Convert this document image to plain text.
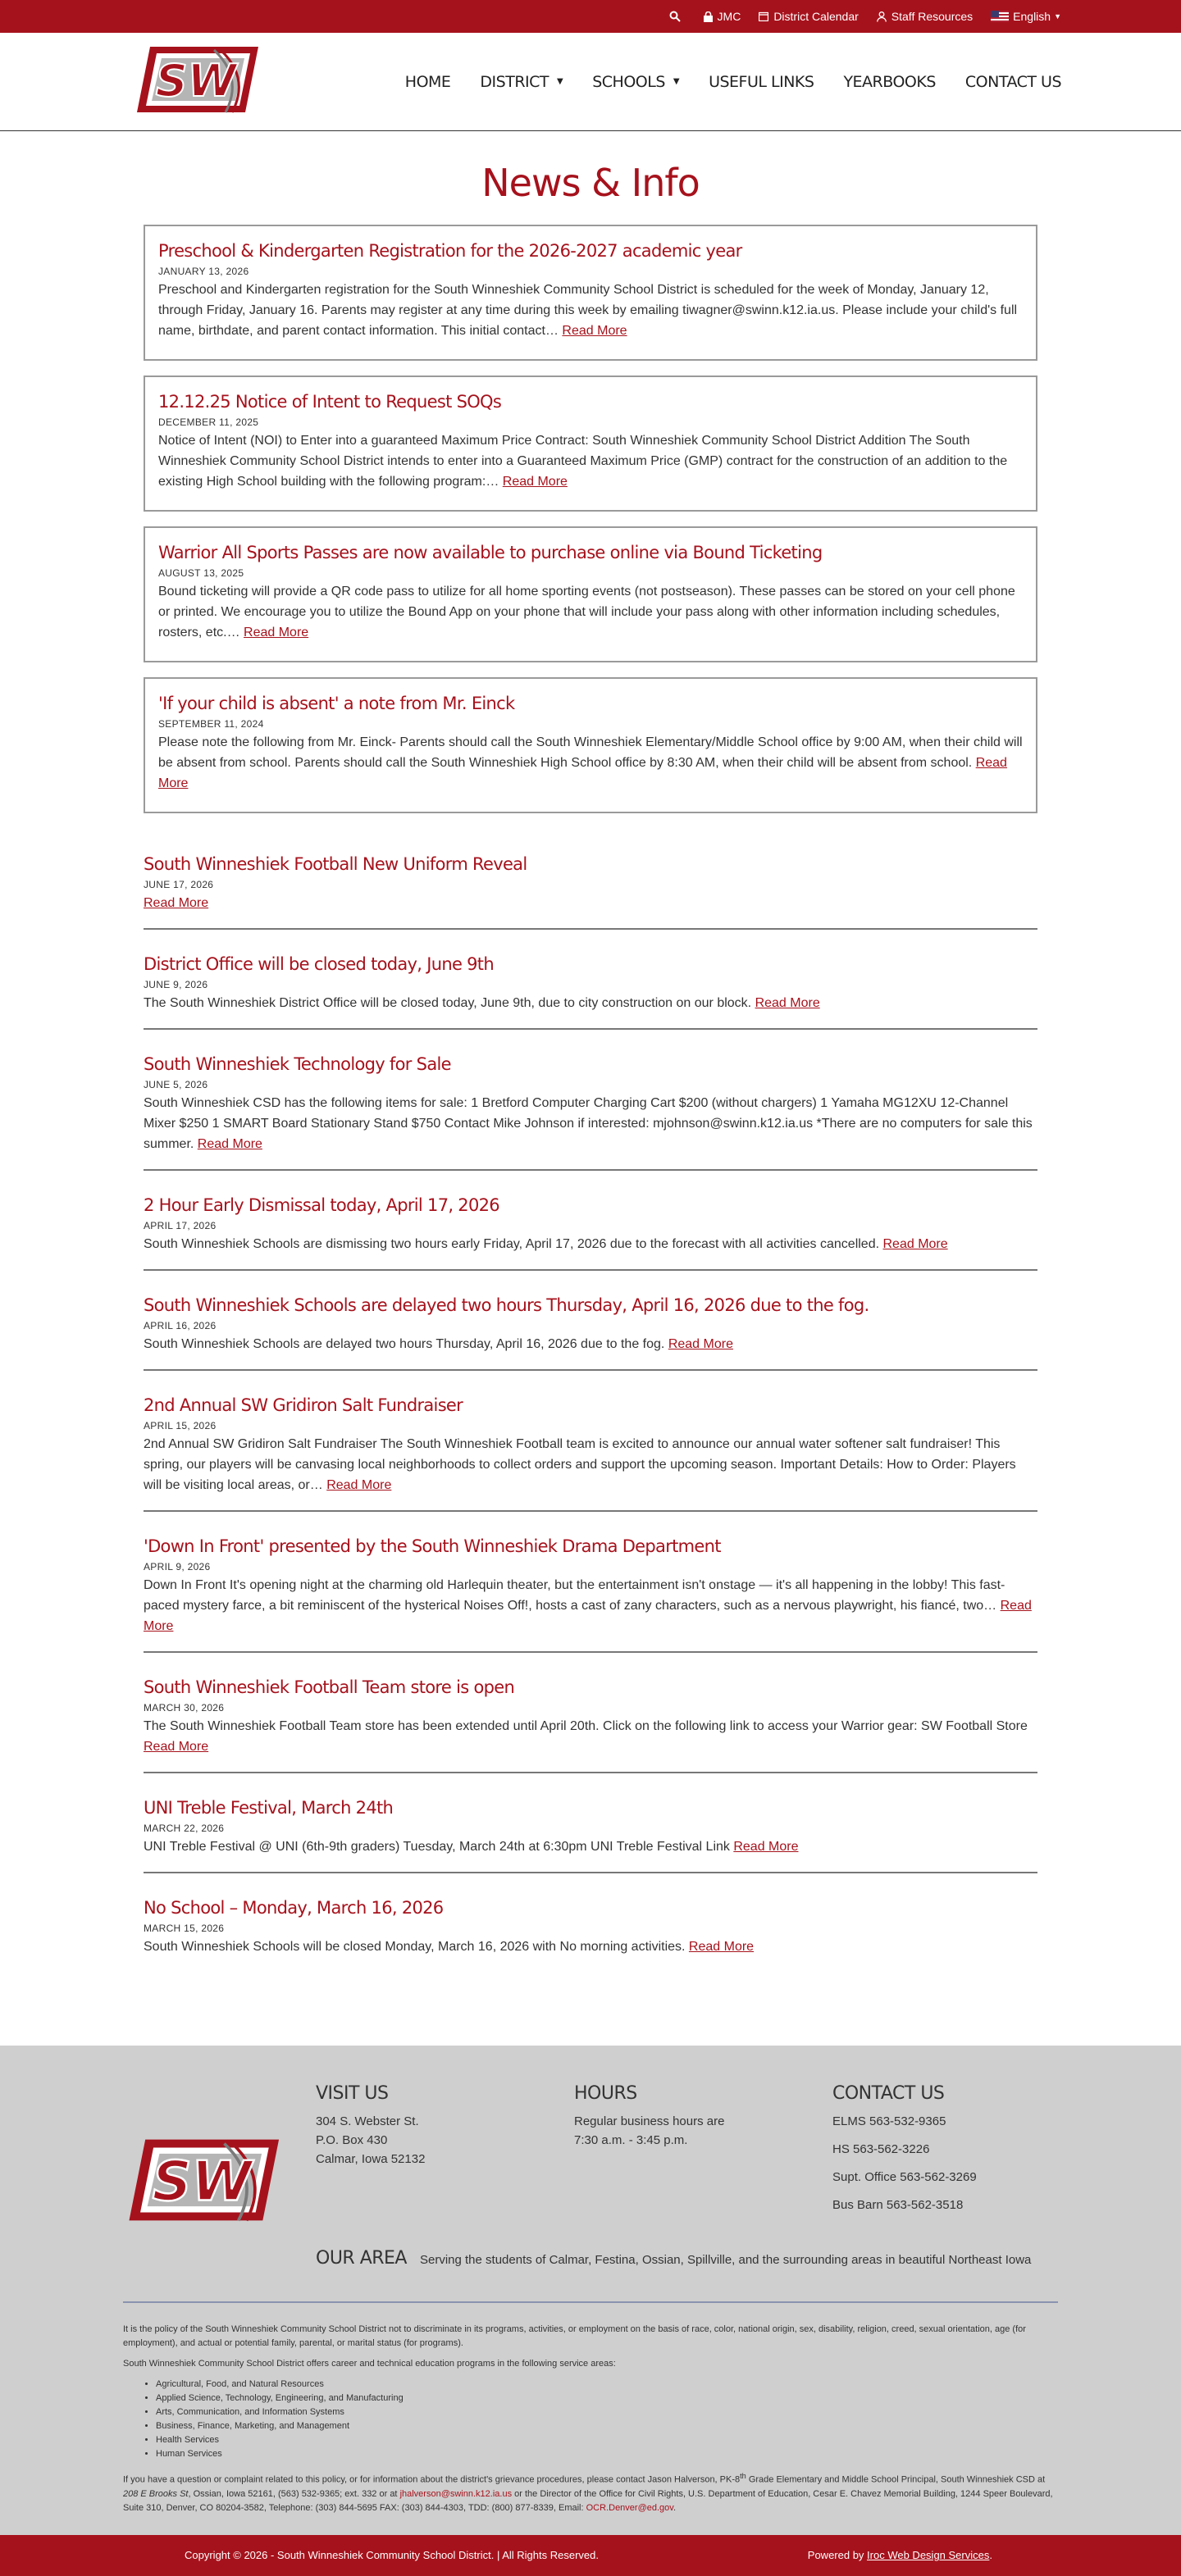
JMC	District Calendar	Staff Resources	English ▼
SW	HOME DISTRICT ▼ SCHOOLS ▼ USEFUL LINKS YEARBOOKS CONTACT US
News & Info
Preschool & Kindergarten Registration for the 2026-2027 academic year
JANUARY 13, 2026

Preschool and Kindergarten registration for the South Winneshiek Community School District is scheduled for the week of Monday, January 12, through Friday, January 16. Parents may register at any time during this week by emailing tiwagner@swinn.k12.ia.us. Please include your child's full name, birthdate, and parent contact information. This initial contact… Read More

12.12.25 Notice of Intent to Request SOQs
DECEMBER 11, 2025

Notice of Intent (NOI) to Enter into a guaranteed Maximum Price Contract: South Winneshiek Community School District Addition The South Winneshiek Community School District intends to enter into a Guaranteed Maximum Price (GMP) contract for the construction of an addition to the existing High School building with the following program:… Read More

Warrior All Sports Passes are now available to purchase online via Bound Ticketing
AUGUST 13, 2025

Bound ticketing will provide a QR code pass to utilize for all home sporting events (not postseason). These passes can be stored on your cell phone or printed. We encourage you to utilize the Bound App on your phone that will include your pass along with other information including schedules, rosters, etc.… Read More

'If your child is absent' a note from Mr. Einck
SEPTEMBER 11, 2024

Please note the following from Mr. Einck- Parents should call the South Winneshiek Elementary/Middle School office by 9:00 AM, when their child will be absent from school. Parents should call the South Winneshiek High School office by 8:30 AM, when their child will be absent from school. Read More

South Winneshiek Football New Uniform Reveal
JUNE 17, 2026

Read More

District Office will be closed today, June 9th
JUNE 9, 2026

The South Winneshiek District Office will be closed today, June 9th, due to city construction on our block. Read More

South Winneshiek Technology for Sale
JUNE 5, 2026

South Winneshiek CSD has the following items for sale: 1 Bretford Computer Charging Cart $200 (without chargers) 1 Yamaha MG12XU 12-Channel Mixer $250 1 SMART Board Stationary Stand $750 Contact Mike Johnson if interested: mjohnson@swinn.k12.ia.us *There are no computers for sale this summer. Read More

2 Hour Early Dismissal today, April 17, 2026
APRIL 17, 2026

South Winneshiek Schools are dismissing two hours early Friday, April 17, 2026 due to the forecast with all activities cancelled. Read More

South Winneshiek Schools are delayed two hours Thursday, April 16, 2026 due to the fog.
APRIL 16, 2026

South Winneshiek Schools are delayed two hours Thursday, April 16, 2026 due to the fog. Read More

2nd Annual SW Gridiron Salt Fundraiser
APRIL 15, 2026

2nd Annual SW Gridiron Salt Fundraiser The South Winneshiek Football team is excited to announce our annual water softener salt fundraiser! This spring, our players will be canvasing local neighborhoods to collect orders and support the upcoming season. Important Details: How to Order: Players will be visiting local areas, or… Read More

'Down In Front' presented by the South Winneshiek Drama Department
APRIL 9, 2026

Down In Front It's opening night at the charming old Harlequin theater, but the entertainment isn't onstage — it's all happening in the lobby! This fast-paced mystery farce, a bit reminiscent of the hysterical Noises Off!, hosts a cast of zany characters, such as a nervous playwright, his fiancé, two… Read More

South Winneshiek Football Team store is open
MARCH 30, 2026

The South Winneshiek Football Team store has been extended until April 20th. Click on the following link to access your Warrior gear: SW Football Store Read More

UNI Treble Festival, March 24th
MARCH 22, 2026

UNI Treble Festival @ UNI (6th-9th graders) Tuesday, March 24th at 6:30pm UNI Treble Festival Link Read More

No School – Monday, March 16, 2026
MARCH 15, 2026

South Winneshiek Schools will be closed Monday, March 16, 2026 with No morning activities. Read More

SW
VISIT US

304 S. Webster St.

P.O. Box 430

Calmar, Iowa 52132

HOURS

Regular business hours are

7:30 a.m. - 3:45 p.m.

CONTACT US

ELMS 563-532-9365

HS 563-562-3226

Supt. Office 563-562-3269

Bus Barn 563-562-3518

OUR AREA Serving the students of Calmar, Festina, Ossian, Spillville, and the surrounding areas in beautiful Northeast Iowa

It is the policy of the South Winneshiek Community School District not to discriminate in its programs, activities, or employment on the basis of race, color, national origin, sex, disability, religion, creed, sexual orientation, age (for employment), and actual or potential family, parental, or marital status (for programs).

South Winneshiek Community School District offers career and technical education programs in the following service areas:

• Agricultural, Food, and Natural Resources
• Applied Science, Technology, Engineering, and Manufacturing
• Arts, Communication, and Information Systems
• Business, Finance, Marketing, and Management
• Health Services
• Human Services

If you have a question or complaint related to this policy, or for information about the district's grievance procedures, please contact Jason Halverson, PK-8th Grade Elementary and Middle School Principal, South Winneshiek CSD at 208 E Brooks St, Ossian, Iowa 52161, (563) 532-9365; ext. 332 or at jhalverson@swinn.k12.ia.us or the Director of the Office for Civil Rights, U.S. Department of Education, Cesar E. Chavez Memorial Building, 1244 Speer Boulevard, Suite 310, Denver, CO 80204-3582, Telephone: (303) 844-5695 FAX: (303) 844-4303, TDD: (800) 877-8339, Email: OCR.Denver@ed.gov.

Copyright © 2026 - South Winneshiek Community School District. | All Rights Reserved.	Powered by Iroc Web Design Services.
